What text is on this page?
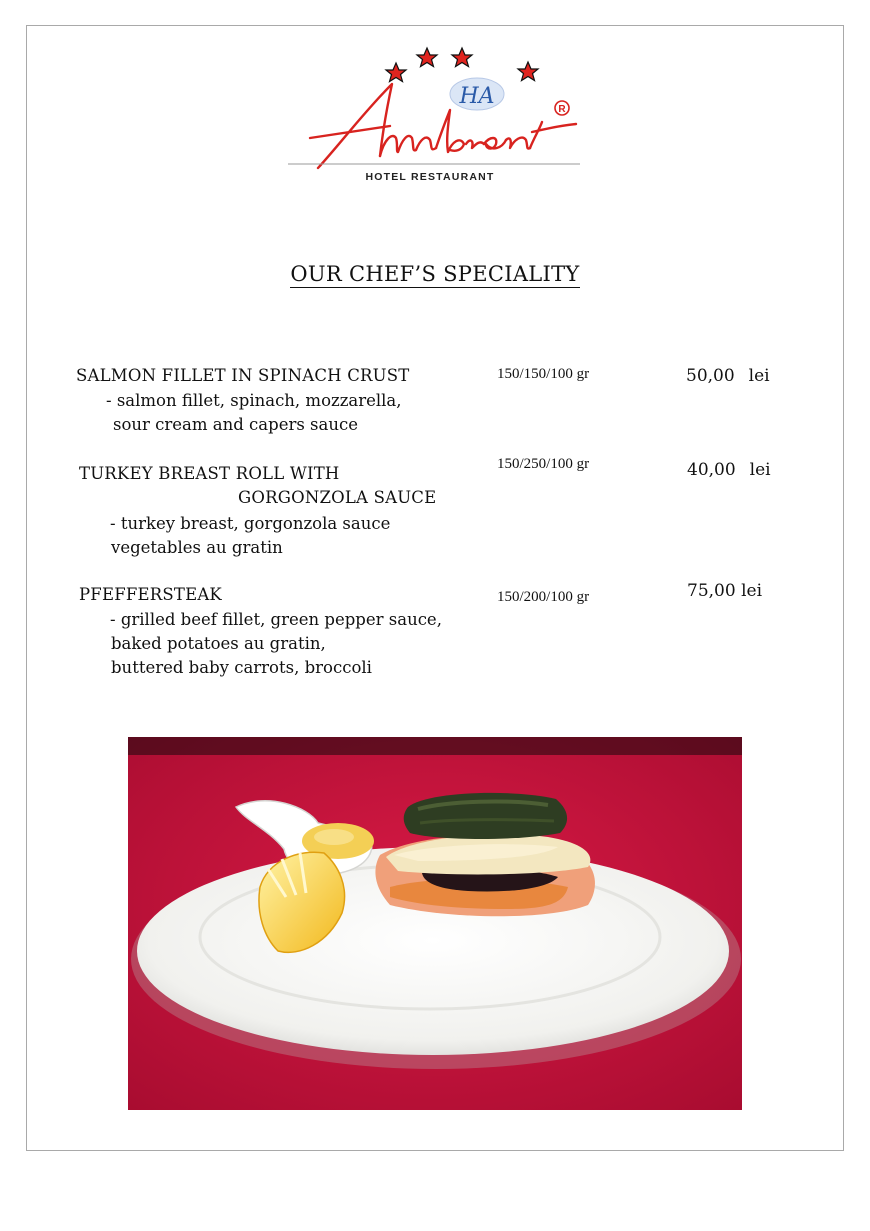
HA
R
HOTEL RESTAURANT
OUR CHEF’S SPECIALITY
SALMON FILLET IN SPINACH CRUST
- salmon fillet, spinach, mozzarella,
sour cream and capers sauce
150/150/100 gr	50,00 lei
TURKEY BREAST ROLL WITH
GORGONZOLA SAUCE
- turkey breast, gorgonzola sauce
vegetables au gratin
150/250/100 gr	40,00 lei
PFEFFERSTEAK
- grilled beef fillet, green pepper sauce,
baked potatoes au gratin,
buttered baby carrots, broccoli
150/200/100 gr	75,00 lei
